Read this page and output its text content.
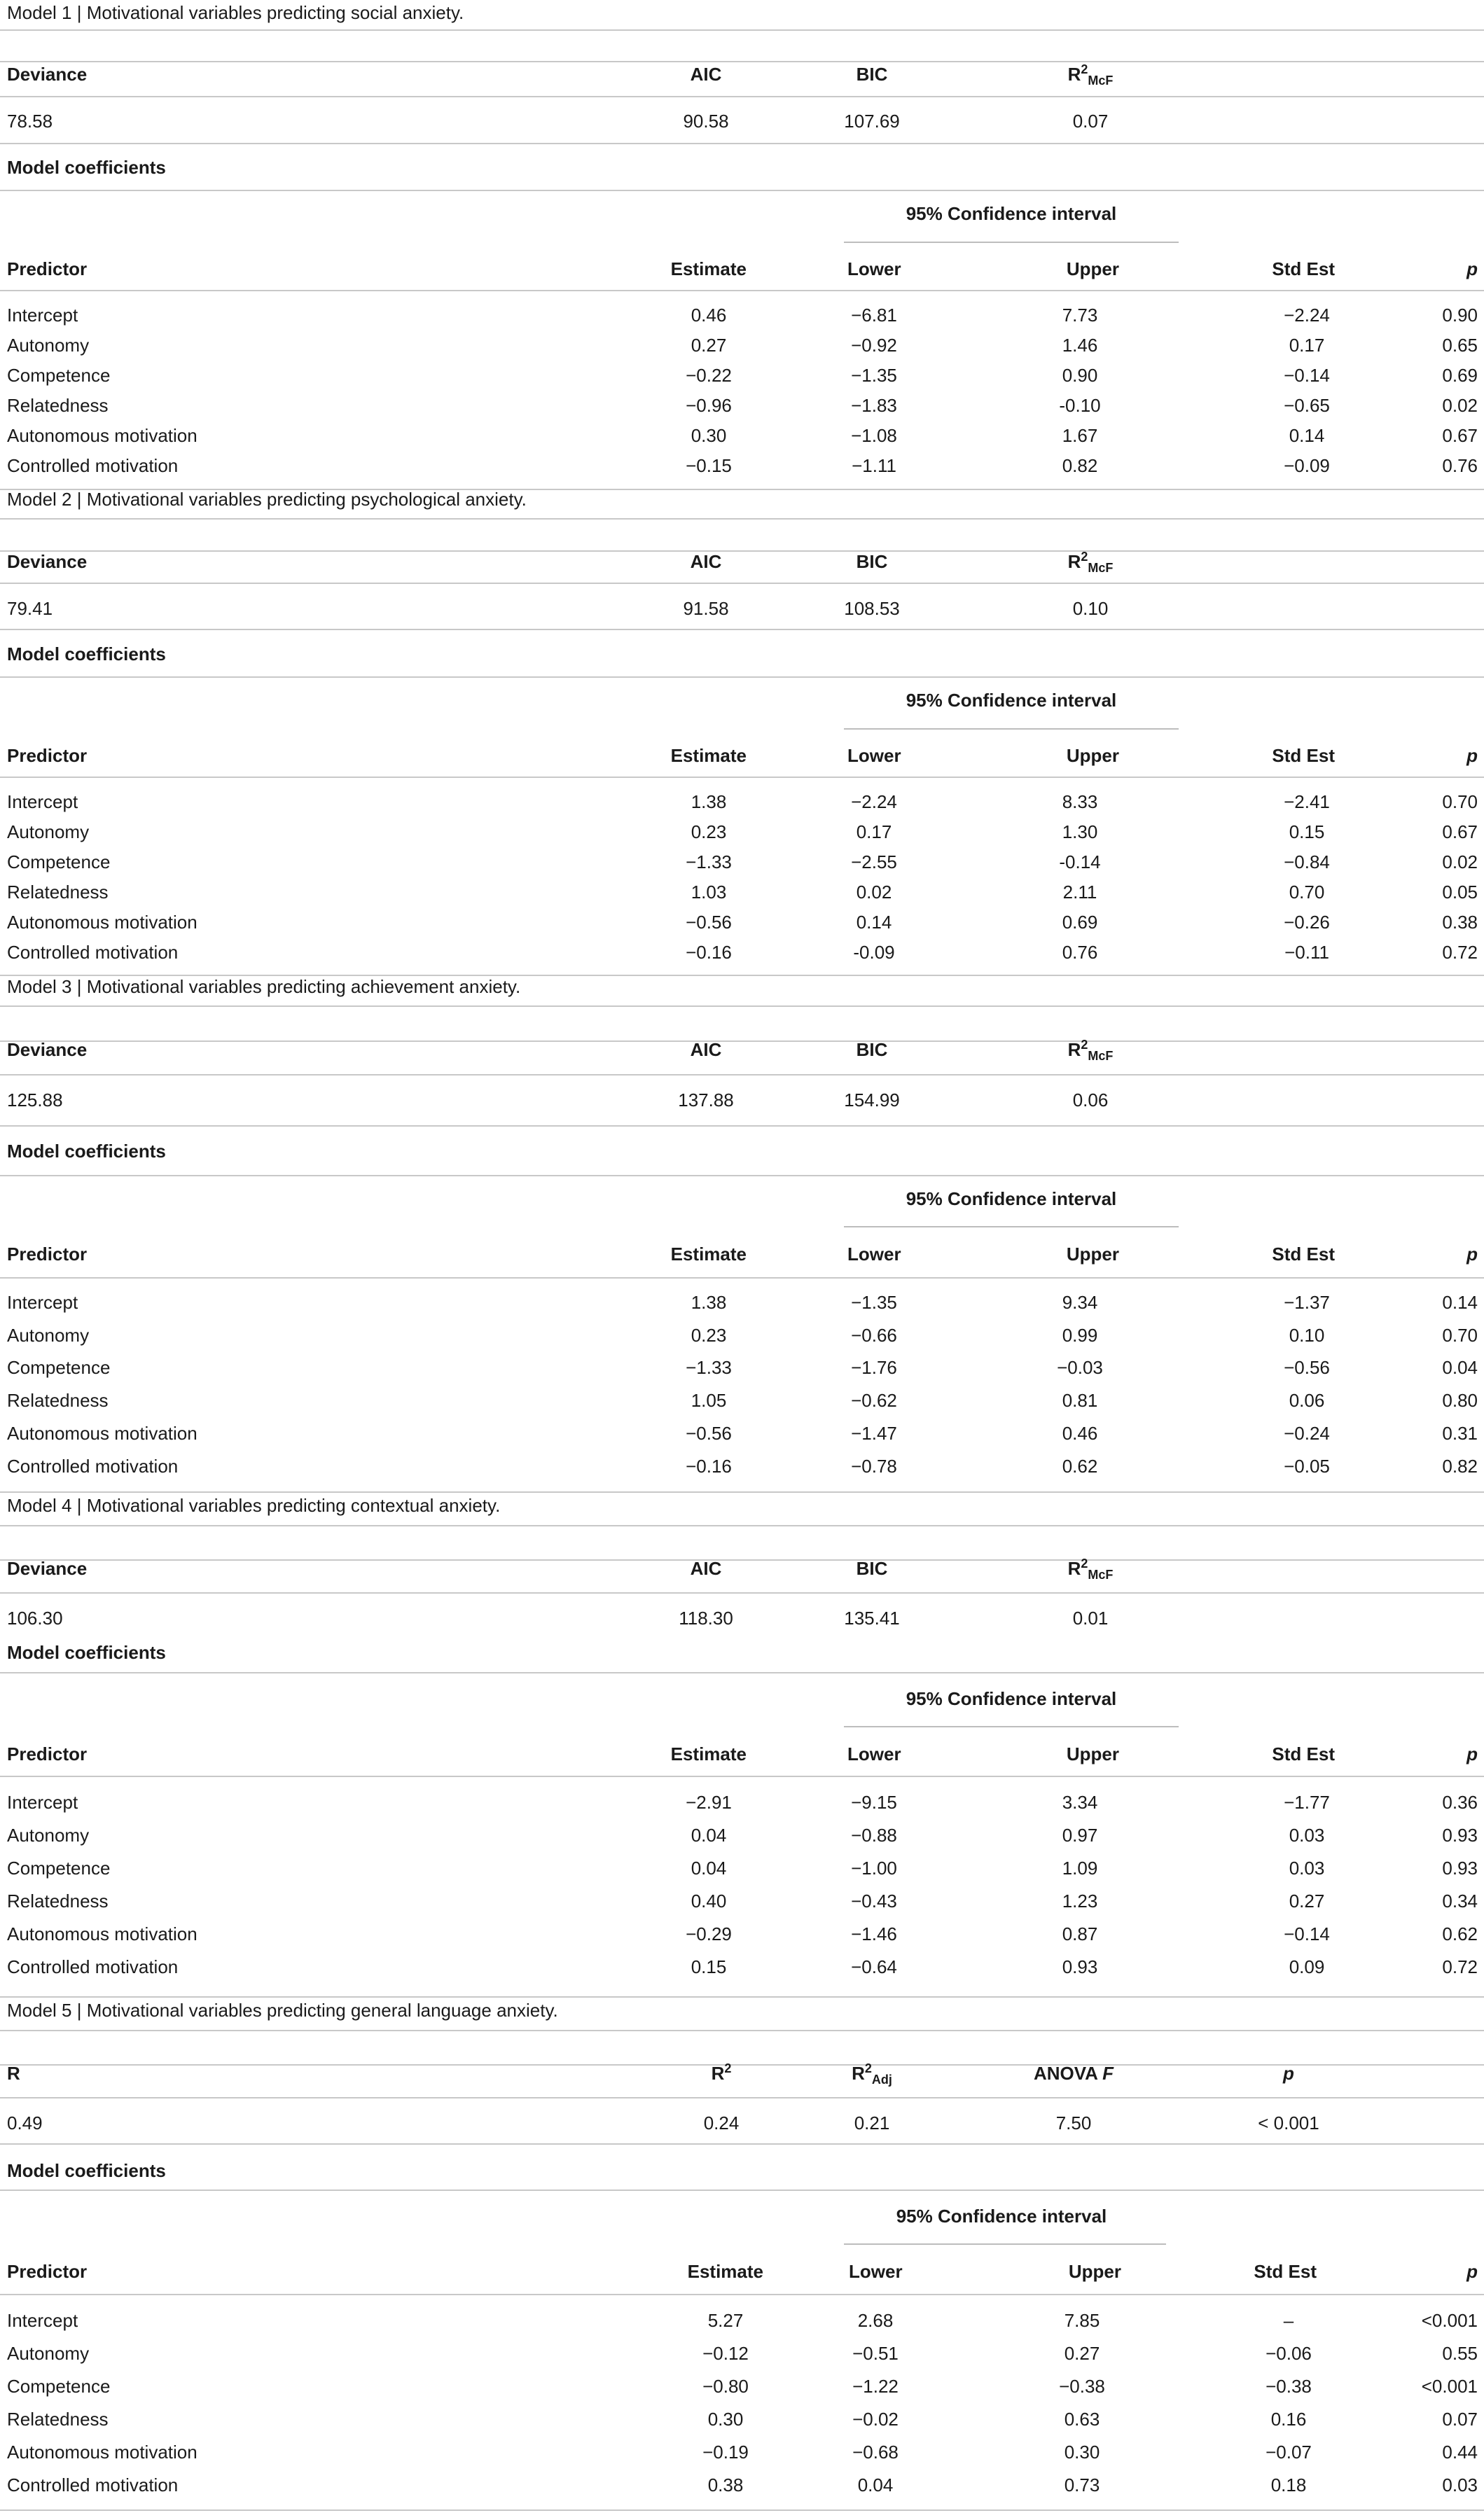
Model 1 | Motivational variables predicting social anxiety.
Deviance	AIC	BIC	$R^2_{McF}$
78.58	90.58	107.69	0.07
Model coefficients
95% Confidence interval
Predictor	Estimate	Lower	Upper	Std Est	p
Intercept	0.46	−6.81	7.73	−2.24	0.90
Autonomy	0.27	−0.92	1.46	0.17	0.65
Competence	−0.22	−1.35	0.90	−0.14	0.69
Relatedness	−0.96	−1.83	-0.10	−0.65	0.02
Autonomous motivation	0.30	−1.08	1.67	0.14	0.67
Controlled motivation	−0.15	−1.11	0.82	−0.09	0.76
Model 2 | Motivational variables predicting psychological anxiety.
Deviance	AIC	BIC	$R^2_{McF}$
79.41	91.58	108.53	0.10
Model coefficients
95% Confidence interval
Predictor	Estimate	Lower	Upper	Std Est	p
Intercept	1.38	−2.24	8.33	−2.41	0.70
Autonomy	0.23	0.17	1.30	0.15	0.67
Competence	−1.33	−2.55	-0.14	−0.84	0.02
Relatedness	1.03	0.02	2.11	0.70	0.05
Autonomous motivation	−0.56	0.14	0.69	−0.26	0.38
Controlled motivation	−0.16	-0.09	0.76	−0.11	0.72
Model 3 | Motivational variables predicting achievement anxiety.
Deviance	AIC	BIC	$R^2_{McF}$
125.88	137.88	154.99	0.06
Model coefficients
95% Confidence interval
Predictor	Estimate	Lower	Upper	Std Est	p
Intercept	1.38	−1.35	9.34	−1.37	0.14
Autonomy	0.23	−0.66	0.99	0.10	0.70
Competence	−1.33	−1.76	−0.03	−0.56	0.04
Relatedness	1.05	−0.62	0.81	0.06	0.80
Autonomous motivation	−0.56	−1.47	0.46	−0.24	0.31
Controlled motivation	−0.16	−0.78	0.62	−0.05	0.82
Model 4 | Motivational variables predicting contextual anxiety.
Deviance	AIC	BIC	$R^2_{McF}$
106.30	118.30	135.41	0.01
Model coefficients
95% Confidence interval
Predictor	Estimate	Lower	Upper	Std Est	p
Intercept	−2.91	−9.15	3.34	−1.77	0.36
Autonomy	0.04	−0.88	0.97	0.03	0.93
Competence	0.04	−1.00	1.09	0.03	0.93
Relatedness	0.40	−0.43	1.23	0.27	0.34
Autonomous motivation	−0.29	−1.46	0.87	−0.14	0.62
Controlled motivation	0.15	−0.64	0.93	0.09	0.72
Model 5 | Motivational variables predicting general language anxiety.
R	$R^2$	$R^2_{Adj}$	ANOVA F	p
0.49	0.24	0.21	7.50	< 0.001
Model coefficients
95% Confidence interval
Predictor	Estimate	Lower	Upper	Std Est	p
Intercept	5.27	2.68	7.85	–	<0.001
Autonomy	−0.12	−0.51	0.27	−0.06	0.55
Competence	−0.80	−1.22	−0.38	−0.38	<0.001
Relatedness	0.30	−0.02	0.63	0.16	0.07
Autonomous motivation	−0.19	−0.68	0.30	−0.07	0.44
Controlled motivation	0.38	0.04	0.73	0.18	0.03
